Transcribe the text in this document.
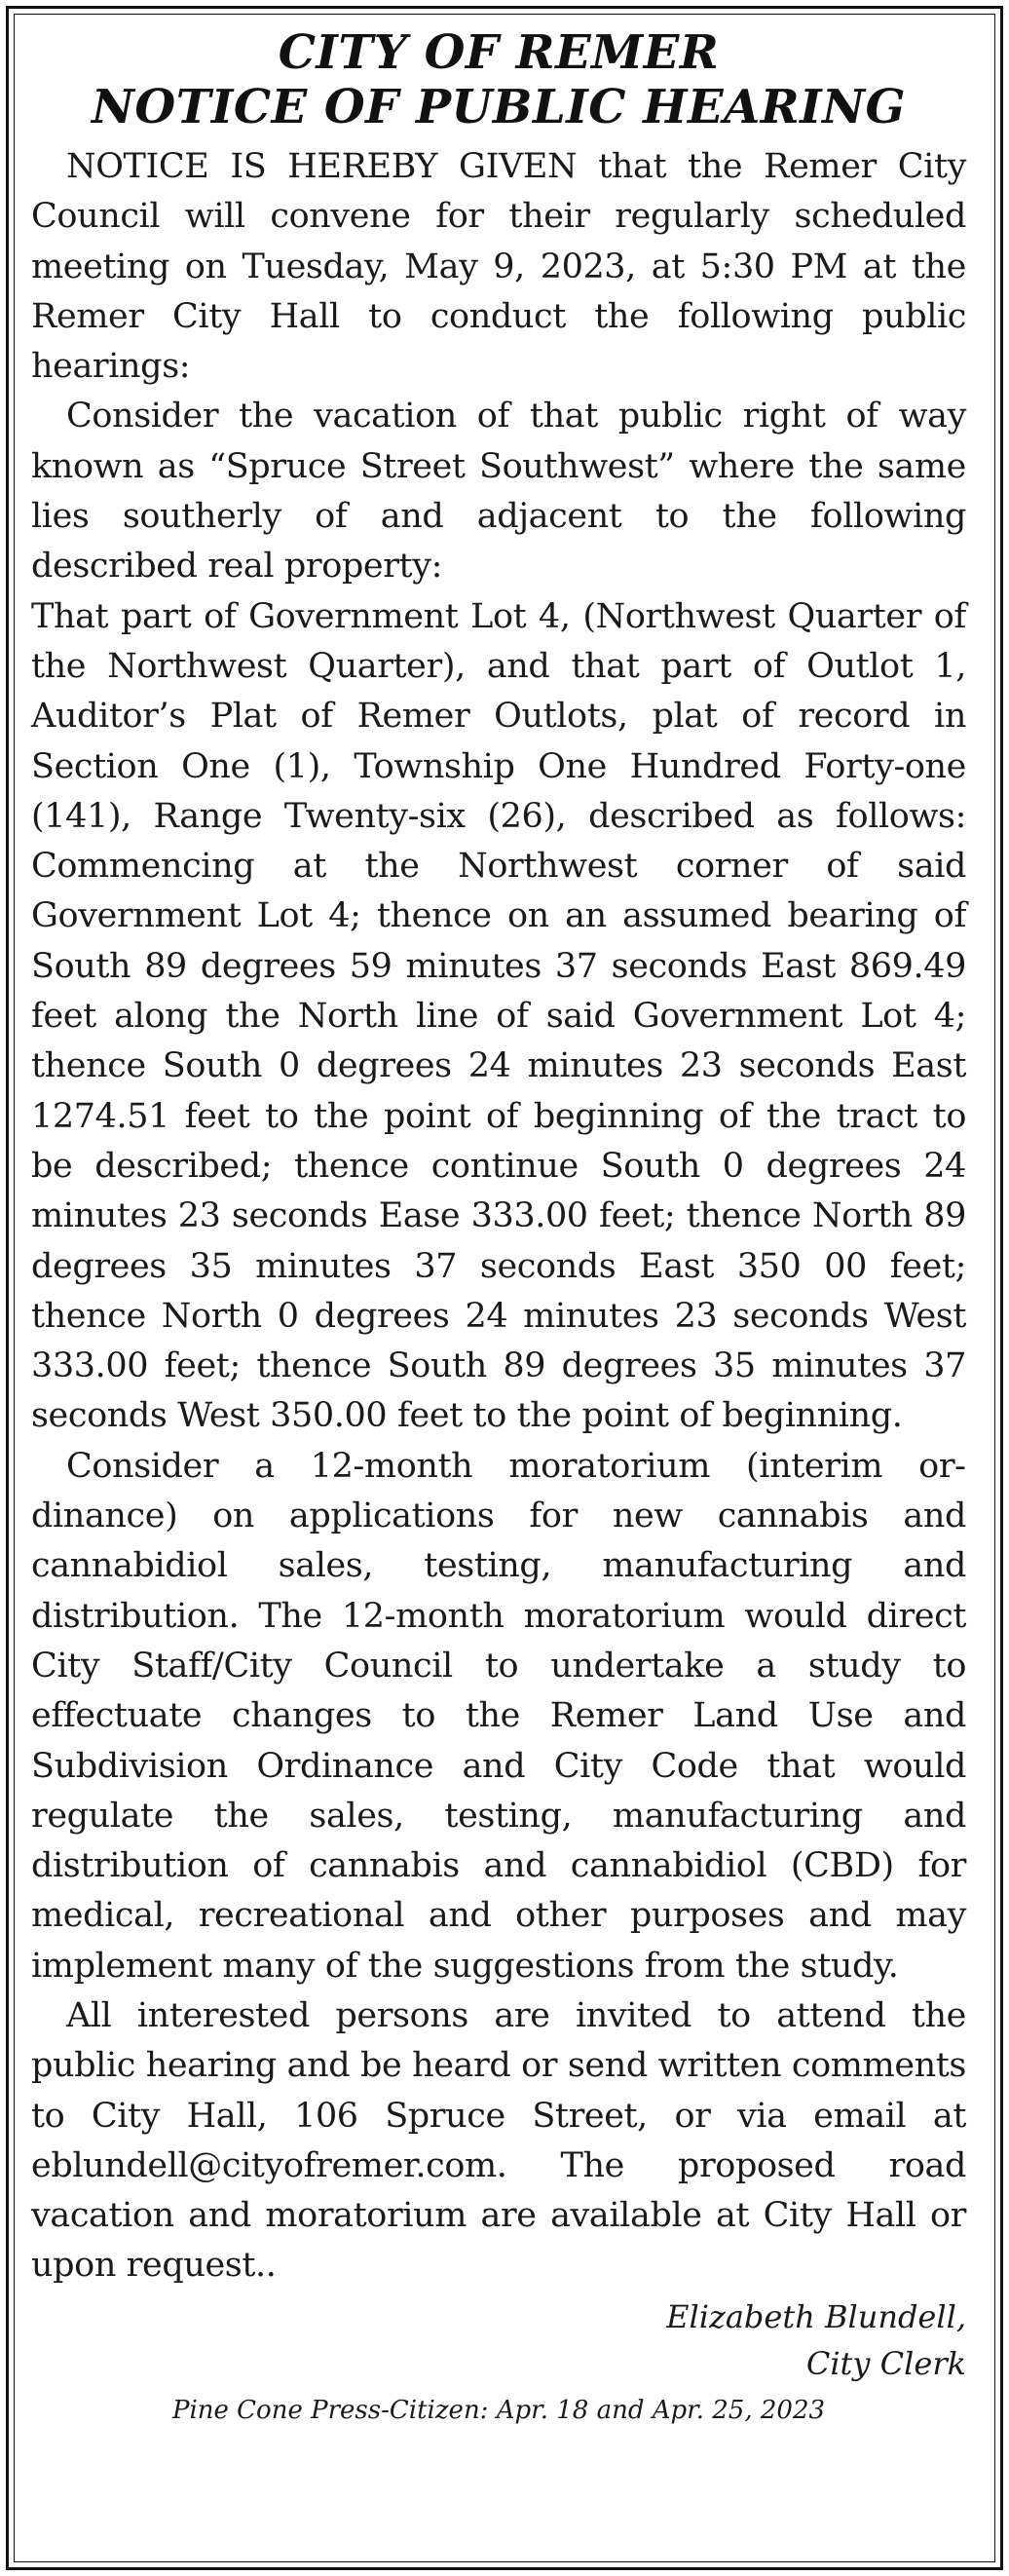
CITY OF REMER
NOTICE OF PUBLIC HEARING

NOTICE IS HEREBY GIVEN that the Remer City Council will convene for their regularly scheduled meeting on Tuesday, May 9, 2023, at 5:30 PM at the Remer City Hall to conduct the following public hearings:

Consider the vacation of that public right of way known as “Spruce Street Southwest” where the same lies southerly of and adjacent to the following described real property:

That part of Government Lot 4, (Northwest Quarter of the Northwest Quarter), and that part of Outlot 1, Auditor’s Plat of Remer Outlots, plat of record in Section One (1), Township One Hundred Forty-one (141), Range Twenty-six (26), described as follows: Commencing at the Northwest corner of said Government Lot 4; thence on an assumed bearing of South 89 degrees 59 minutes 37 seconds East 869.49 feet along the North line of said Government Lot 4; thence South 0 degrees 24 minutes 23 seconds East 1274.51 feet to the point of beginning of the tract to be described; thence continue South 0 degrees 24 minutes 23 seconds Ease 333.00 feet; thence North 89 degrees 35 minutes 37 seconds East 350 00 feet; thence North 0 degrees 24 minutes 23 seconds West 333.00 feet; thence South 89 degrees 35 minutes 37 seconds West 350.00 feet to the point of beginning.

Consider a 12-month moratorium (interim ordinance) on applications for new cannabis and cannabidiol sales, testing, manufacturing and distribution. The 12-month moratorium would direct City Staff/City Council to undertake a study to effectuate changes to the Remer Land Use and Subdivision Ordinance and City Code that would regulate the sales, testing, manufacturing and distribution of cannabis and cannabidiol (CBD) for medical, recreational and other purposes and may implement many of the suggestions from the study.

All interested persons are invited to attend the public hearing and be heard or send written comments to City Hall, 106 Spruce Street, or via email at eblundell@cityofremer.com. The proposed road vacation and moratorium are available at City Hall or upon request..

Elizabeth Blundell,
City Clerk
Pine Cone Press-Citizen: Apr. 18 and Apr. 25, 2023
